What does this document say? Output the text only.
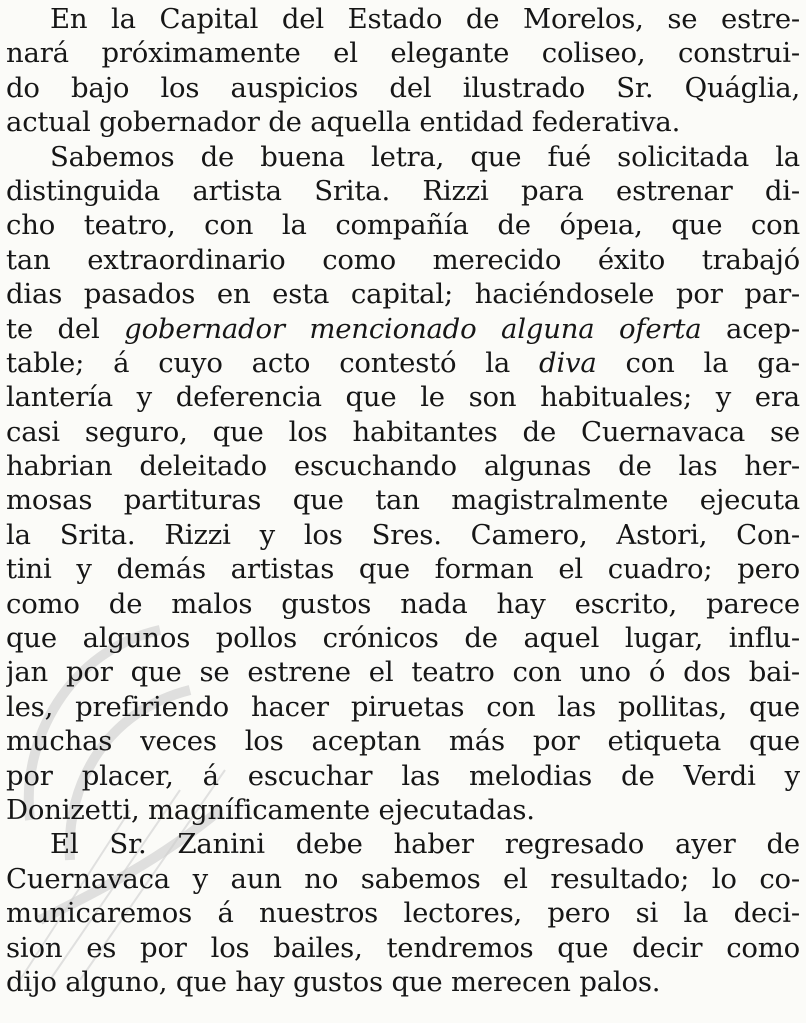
En la Capital del Estado de Morelos, se estre-
nará próximamente el elegante coliseo, construi-
do bajo los auspicios del ilustrado Sr. Quáglia,
actual gobernador de aquella entidad federativa.
Sabemos de buena letra, que fué solicitada la
distinguida artista Srita. Rizzi para estrenar di-
cho teatro, con la compañía de ópeıa, que con
tan extraordinario como merecido éxito trabajó
dias pasados en esta capital; haciéndosele por par-
te del gobernador mencionado alguna oferta acep-
table; á cuyo acto contestó la diva con la ga-
lantería y deferencia que le son habituales; y era
casi seguro, que los habitantes de Cuernavaca se
habrian deleitado escuchando algunas de las her-
mosas partituras que tan magistralmente ejecuta
la Srita. Rizzi y los Sres. Camero, Astori, Con-
tini y demás artistas que forman el cuadro; pero
como de malos gustos nada hay escrito, parece
que algunos pollos crónicos de aquel lugar, influ-
jan por que se estrene el teatro con uno ó dos bai-
les, prefiriendo hacer piruetas con las pollitas, que
muchas veces los aceptan más por etiqueta que
por placer, á escuchar las melodias de Verdi y
Donizetti, magníficamente ejecutadas.
El Sr. Zanini debe haber regresado ayer de
Cuernavaca y aun no sabemos el resultado; lo co-
municaremos á nuestros lectores, pero si la deci-
sion es por los bailes, tendremos que decir como
dijo alguno, que hay gustos que merecen palos.
